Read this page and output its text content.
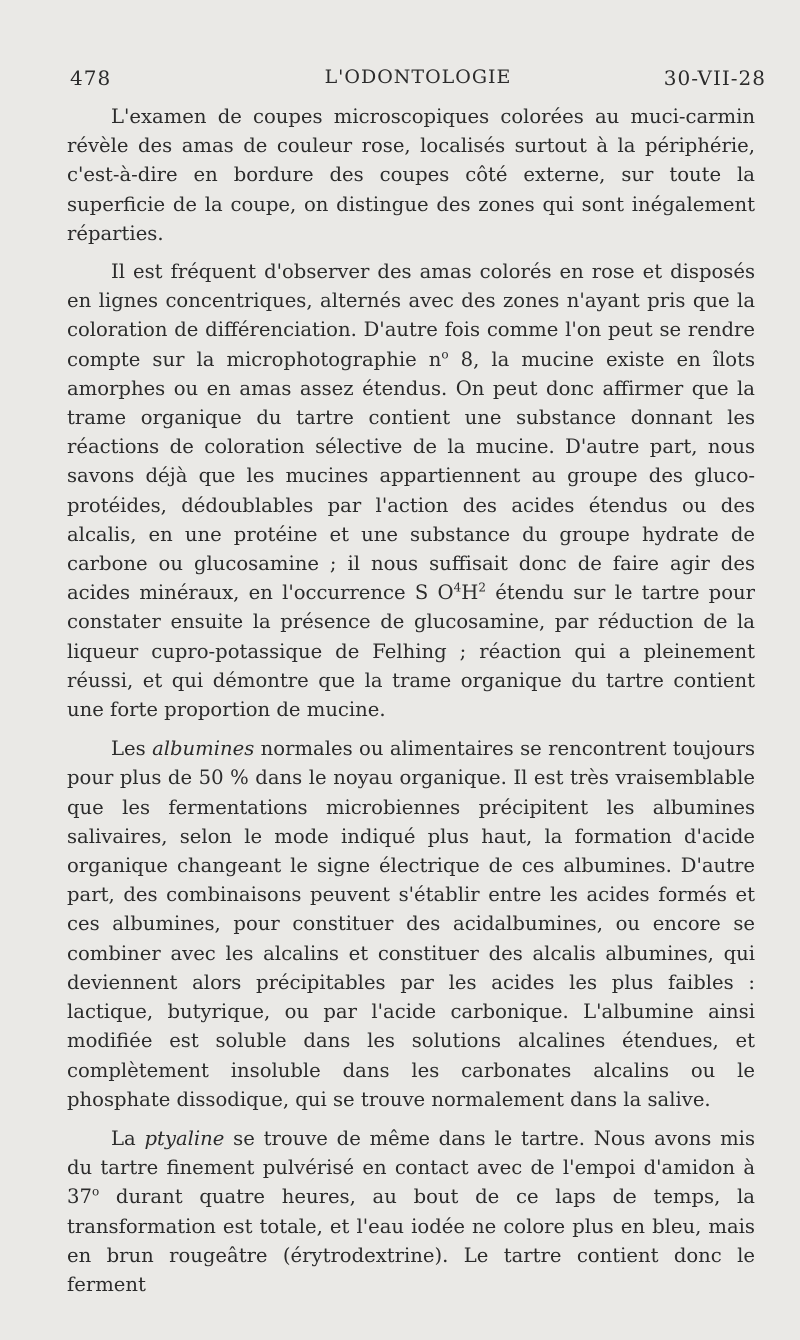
478	L'ODONTOLOGIE	30-VII-28

L'examen de coupes microscopiques colorées au muci-carmin révèle des amas de couleur rose, localisés surtout à la périphérie, c'est-à-dire en bordure des coupes côté externe, sur toute la superficie de la coupe, on distingue des zones qui sont inégalement réparties.

Il est fréquent d'observer des amas colorés en rose et disposés en lignes concentriques, alternés avec des zones n'ayant pris que la coloration de différenciation. D'autre fois comme l'on peut se rendre compte sur la microphotographie $n^o$ 8, la mucine existe en îlots amorphes ou en amas assez étendus. On peut donc affirmer que la trame organique du tartre contient une substance donnant les réactions de coloration sélective de la mucine. D'autre part, nous savons déjà que les mucines appartiennent au groupe des gluco-protéides, dédoublables par l'action des acides étendus ou des alcalis, en une protéine et une substance du groupe hydrate de carbone ou glucosamine ; il nous suffisait donc de faire agir des acides minéraux, en l'occurrence S $O^4H^2$ étendu sur le tartre pour constater ensuite la présence de glucosamine, par réduction de la liqueur cupro-potassique de Felhing ; réaction qui a pleinement réussi, et qui démontre que la trame organique du tartre contient une forte proportion de mucine.

Les albumines normales ou alimentaires se rencontrent toujours pour plus de 50 % dans le noyau organique. Il est très vraisemblable que les fermentations microbiennes précipitent les albumines salivaires, selon le mode indiqué plus haut, la formation d'acide organique changeant le signe électrique de ces albumines. D'autre part, des combinaisons peuvent s'établir entre les acides formés et ces albumines, pour constituer des acidalbumines, ou encore se combiner avec les alcalins et constituer des alcalis albumines, qui deviennent alors précipitables par les acides les plus faibles : lactique, butyrique, ou par l'acide carbonique. L'albumine ainsi modifiée est soluble dans les solutions alcalines étendues, et complètement insoluble dans les carbonates alcalins ou le phosphate dissodique, qui se trouve normalement dans la salive.

La ptyaline se trouve de même dans le tartre. Nous avons mis du tartre finement pulvérisé en contact avec de l'empoi d'amidon à 37$^o$ durant quatre heures, au bout de ce laps de temps, la transformation est totale, et l'eau iodée ne colore plus en bleu, mais en brun rougeâtre (érytrodextrine). Le tartre contient donc le ferment
